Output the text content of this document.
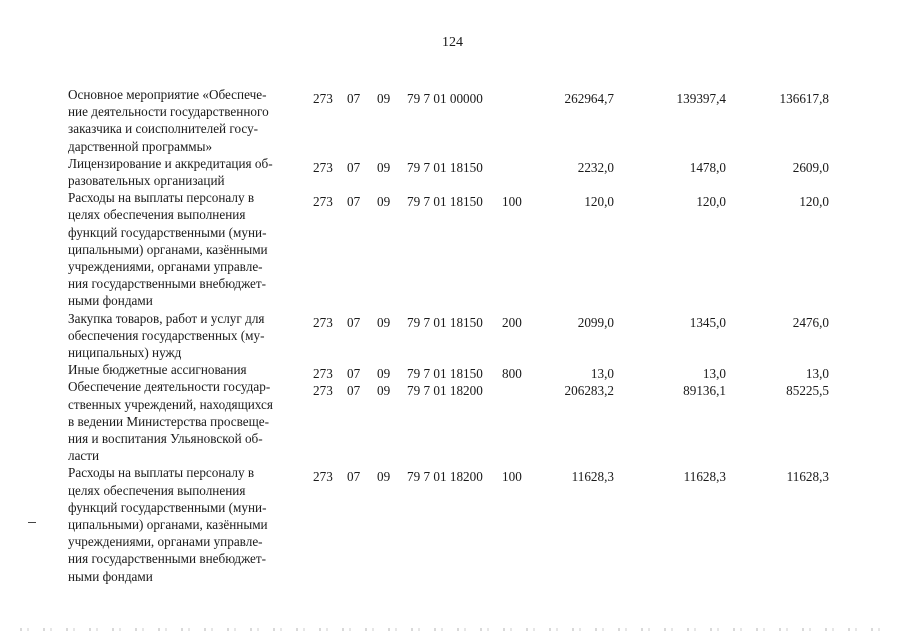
124
Основное мероприятие «Обеспече-
ние деятельности государственного
заказчика и соисполнителей госу-
дарственной программы»
273 07 09 79 7 01 00000	262964,7	139397,4	136617,8
Лицензирование и аккредитация об-
разовательных организаций
273 07 09 79 7 01 18150	2232,0	1478,0	2609,0
Расходы на выплаты персоналу в
целях обеспечения выполнения
функций государственными (муни-
ципальными) органами, казёнными
учреждениями, органами управле-
ния государственными внебюджет-
ными фондами
273 07 09 79 7 01 18150 100	120,0	120,0	120,0
Закупка товаров, работ и услуг для
обеспечения государственных (му-
ниципальных) нужд
273 07 09 79 7 01 18150 200	2099,0	1345,0	2476,0
Иные бюджетные ассигнования	273 07 09 79 7 01 18150 800	13,0	13,0	13,0
Обеспечение деятельности государ-
ственных учреждений, находящихся
в ведении Министерства просвеще-
ния и воспитания Ульяновской об-
ласти
273 07 09 79 7 01 18200	206283,2	89136,1	85225,5
Расходы на выплаты персоналу в
целях обеспечения выполнения
функций государственными (муни-
ципальными) органами, казёнными
учреждениями, органами управле-
ния государственными внебюджет-
ными фондами
273 07 09 79 7 01 18200 100	11628,3	11628,3	11628,3
